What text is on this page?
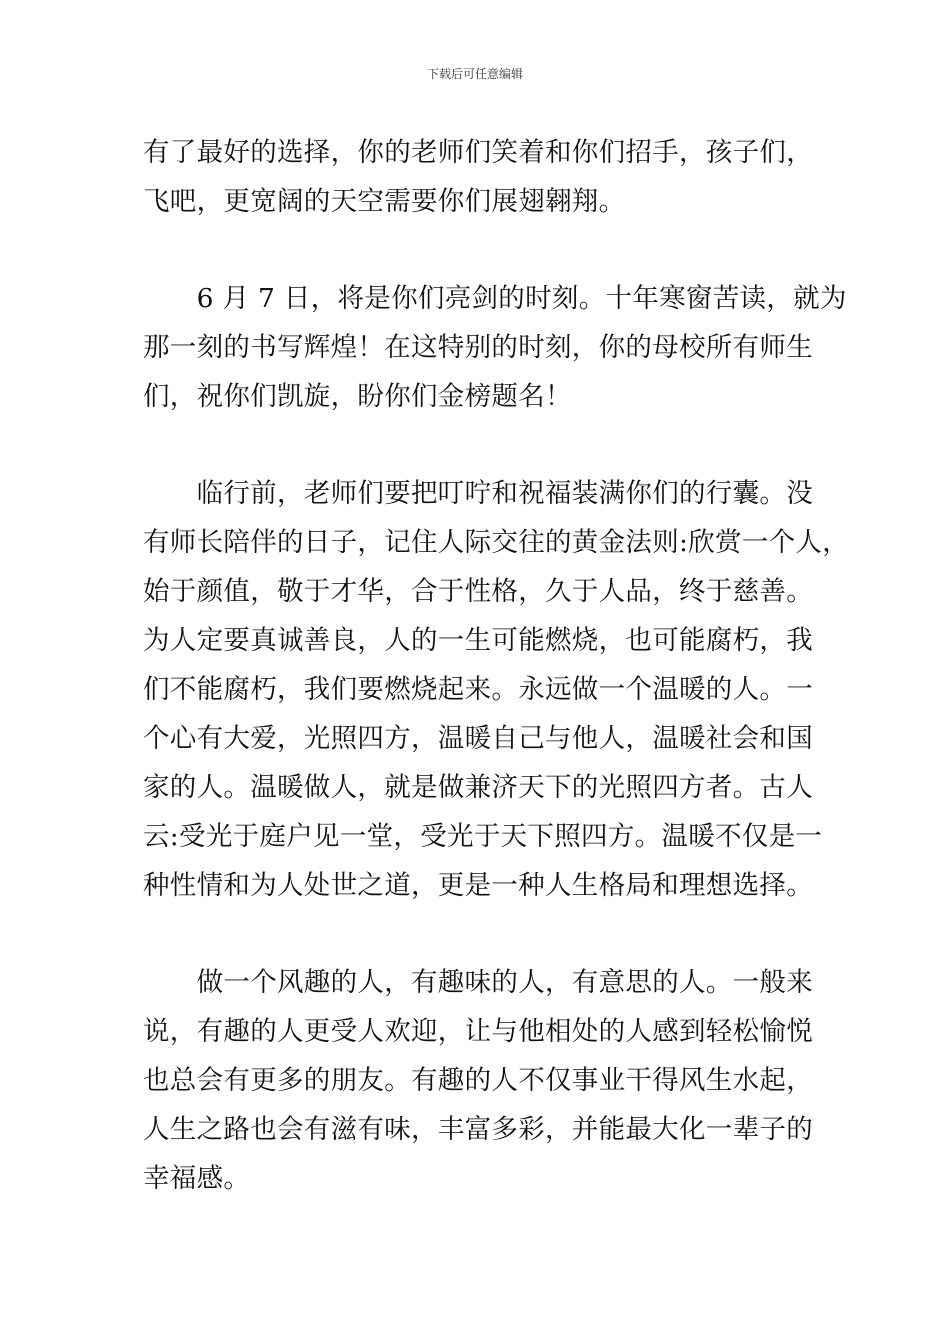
下载后可任意编辑
有了最好的选择，你的老师们笑着和你们招手，孩子们，
飞吧，更宽阔的天空需要你们展翅翱翔。
　　6 月 7 日，将是你们亮剑的时刻。十年寒窗苦读，就为
那一刻的书写辉煌！在这特别的时刻，你的母校所有师生
们，祝你们凯旋，盼你们金榜题名！
　　临行前，老师们要把叮咛和祝福装满你们的行囊。没
有师长陪伴的日子，记住人际交往的黄金法则:欣赏一个人，
始于颜值，敬于才华，合于性格，久于人品，终于慈善。
为人定要真诚善良，人的一生可能燃烧，也可能腐朽，我
们不能腐朽，我们要燃烧起来。永远做一个温暖的人。一
个心有大爱，光照四方，温暖自己与他人，温暖社会和国
家的人。温暖做人，就是做兼济天下的光照四方者。古人
云:受光于庭户见一堂，受光于天下照四方。温暖不仅是一
种性情和为人处世之道，更是一种人生格局和理想选择。
　　做一个风趣的人，有趣味的人，有意思的人。一般来
说，有趣的人更受人欢迎，让与他相处的人感到轻松愉悦
也总会有更多的朋友。有趣的人不仅事业干得风生水起，
人生之路也会有滋有味，丰富多彩，并能最大化一辈子的
幸福感。
